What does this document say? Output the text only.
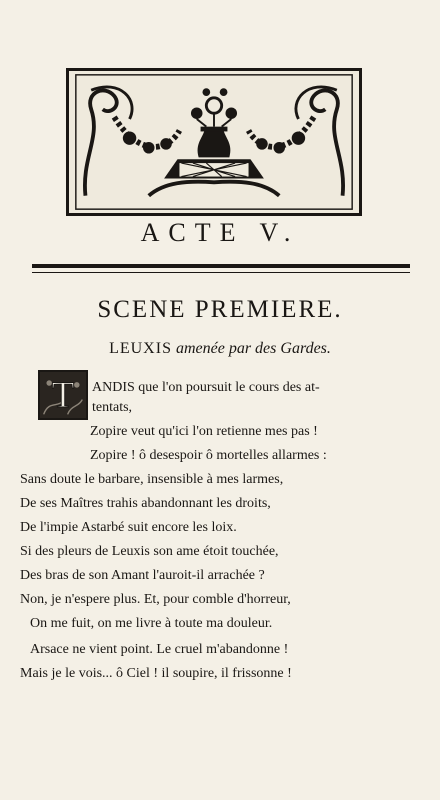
ACTE V.
SCENE PREMIERE.
LEUXIS amenée par des Gardes.
T ANDIS que l'on poursuit le cours des at-
tentats,
Zopire veut qu'ici l'on retienne mes pas !
Zopire ! ô desespoir ô mortelles allarmes :
Sans doute le barbare, insensible à mes larmes,
De ses Maîtres trahis abandonnant les droits,
De l'impie Astarbé suit encore les loix.
Si des pleurs de Leuxis son ame étoit touchée,
Des bras de son Amant l'auroit-il arrachée ?
Non, je n'espere plus. Et, pour comble d'horreur,
On me fuit, on me livre à toute ma douleur.
Arsace ne vient point. Le cruel m'abandonne !
Mais je le vois... ô Ciel ! il soupire, il frissonne !
